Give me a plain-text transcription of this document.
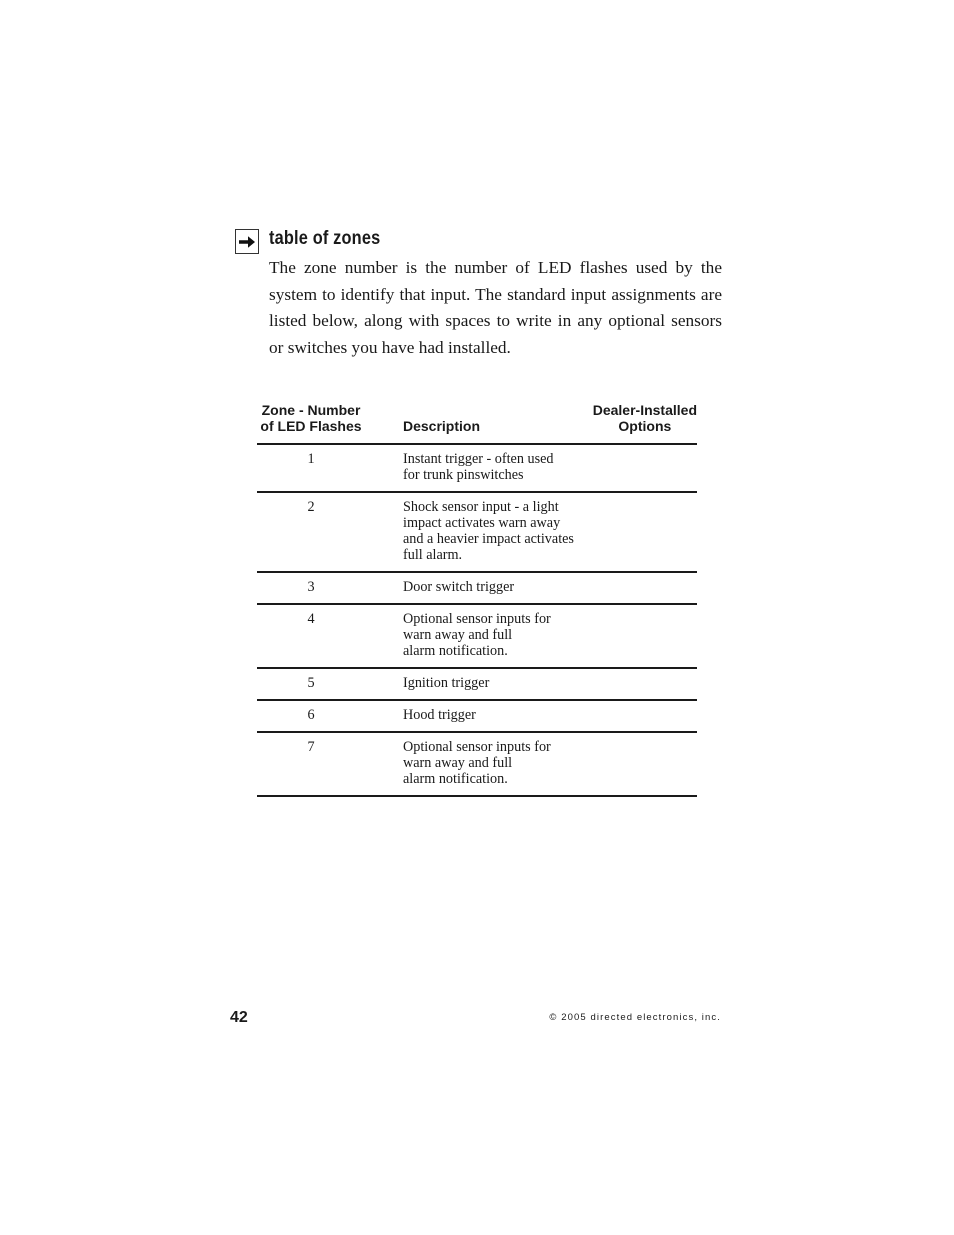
table of zones

The zone number is the number of LED flashes used by the system to identify that input. The standard input assignments are listed below, along with spaces to write in any optional sensors or switches you have had installed.

Zone - Number
of LED Flashes	Description	Dealer-Installed
Options
1	Instant trigger - often used
for trunk pinswitches	
2	Shock sensor input - a light
impact activates warn away
and a heavier impact activates
full alarm.	
3	Door switch trigger	
4	Optional sensor inputs for
warn away and full
alarm notification.	
5	Ignition trigger	
6	Hood trigger	
7	Optional sensor inputs for
warn away and full
alarm notification.	
42	© 2005 directed electronics, inc.
